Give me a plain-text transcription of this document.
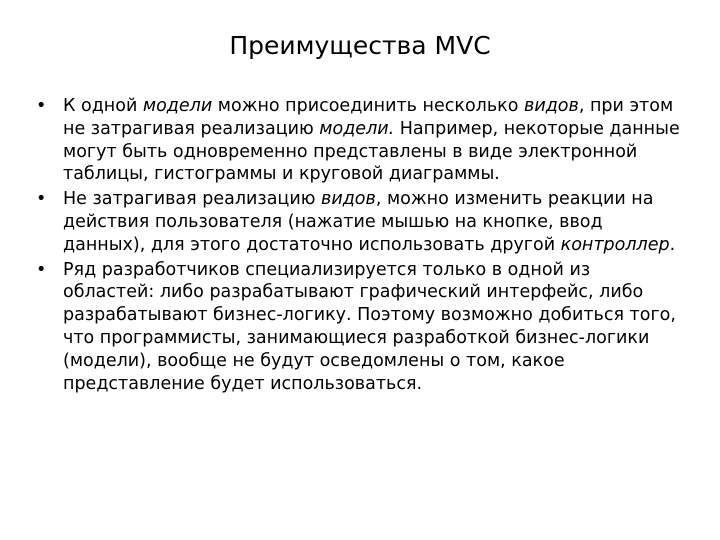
Преимущества MVC
• К одной модели можно присоединить несколько видов, при этом не затрагивая реализацию модели. Например, некоторые данные могут быть одновременно представлены в виде электронной таблицы, гистограммы и круговой диаграммы.
• Не затрагивая реализацию видов, можно изменить реакции на действия пользователя (нажатие мышью на кнопке, ввод данных), для этого достаточно использовать другой контроллер.
• Ряд разработчиков специализируется только в одной из областей: либо разрабатывают графический интерфейс, либо разрабатывают бизнес-логику. Поэтому возможно добиться того, что программисты, занимающиеся разработкой бизнес-логики (модели), вообще не будут осведомлены о том, какое представление будет использоваться.
